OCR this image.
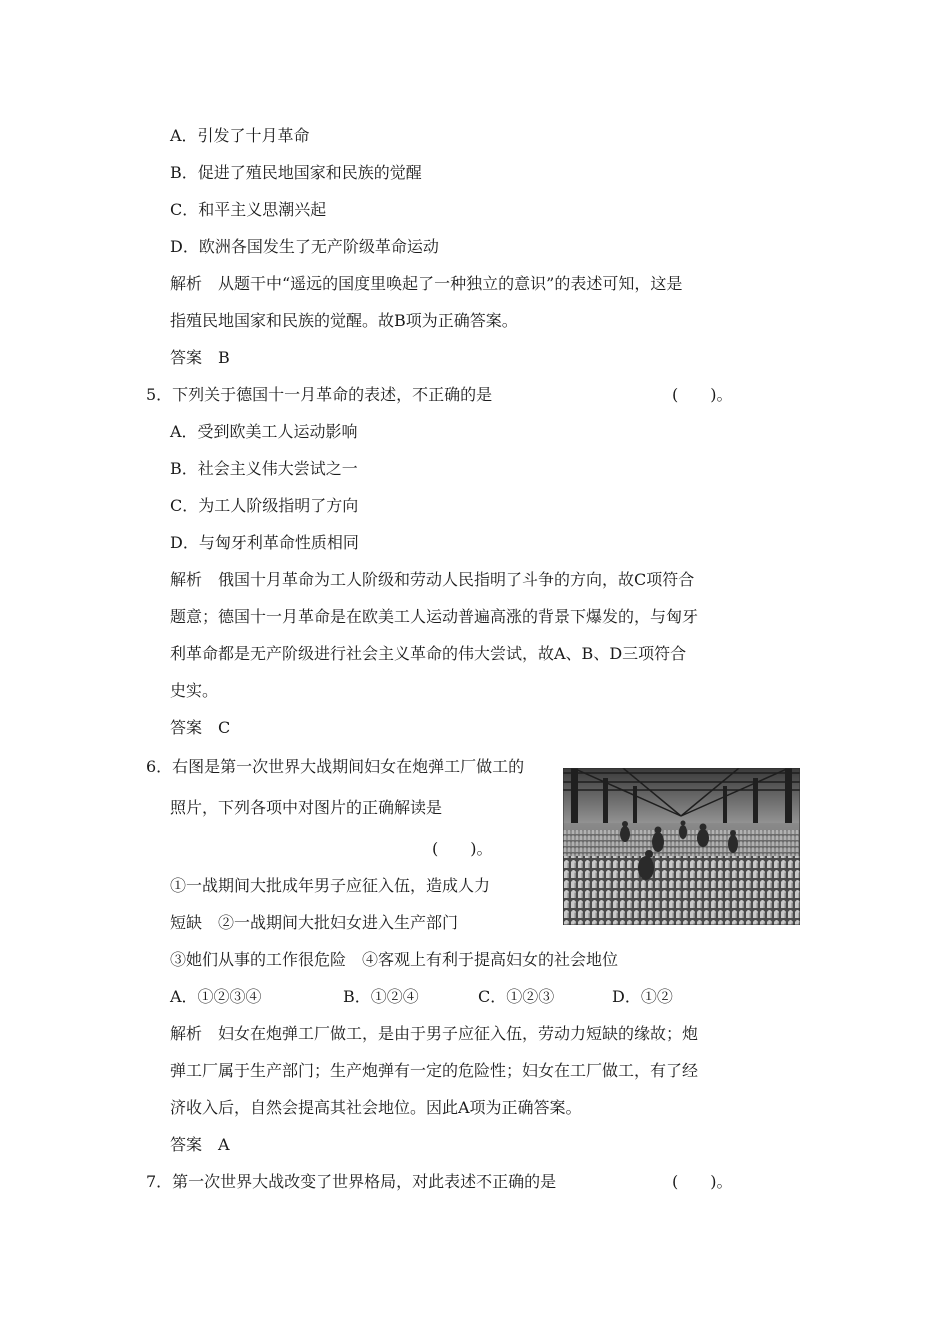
A．引发了十月革命
B．促进了殖民地国家和民族的觉醒
C．和平主义思潮兴起
D．欧洲各国发生了无产阶级革命运动
解析　从题干中“遥远的国度里唤起了一种独立的意识”的表述可知，这是
指殖民地国家和民族的觉醒。故B项为正确答案。
答案　B
5．下列关于德国十一月革命的表述，不正确的是	(　　)。
A．受到欧美工人运动影响
B．社会主义伟大尝试之一
C．为工人阶级指明了方向
D．与匈牙利革命性质相同
解析　俄国十月革命为工人阶级和劳动人民指明了斗争的方向，故C项符合
题意；德国十一月革命是在欧美工人运动普遍高涨的背景下爆发的，与匈牙
利革命都是无产阶级进行社会主义革命的伟大尝试，故A、B、D三项符合
史实。
答案　C
6．右图是第一次世界大战期间妇女在炮弹工厂做工的
照片，下列各项中对图片的正确解读是
(　　)。
①一战期间大批成年男子应征入伍，造成人力
短缺　②一战期间大批妇女进入生产部门
③她们从事的工作很危险　④客观上有利于提高妇女的社会地位
A．①②③④	B．①②④	C．①②③	D．①②
解析　妇女在炮弹工厂做工，是由于男子应征入伍，劳动力短缺的缘故；炮
弹工厂属于生产部门；生产炮弹有一定的危险性；妇女在工厂做工，有了经
济收入后，自然会提高其社会地位。因此A项为正确答案。
答案　A
7．第一次世界大战改变了世界格局，对此表述不正确的是	(　　)。
